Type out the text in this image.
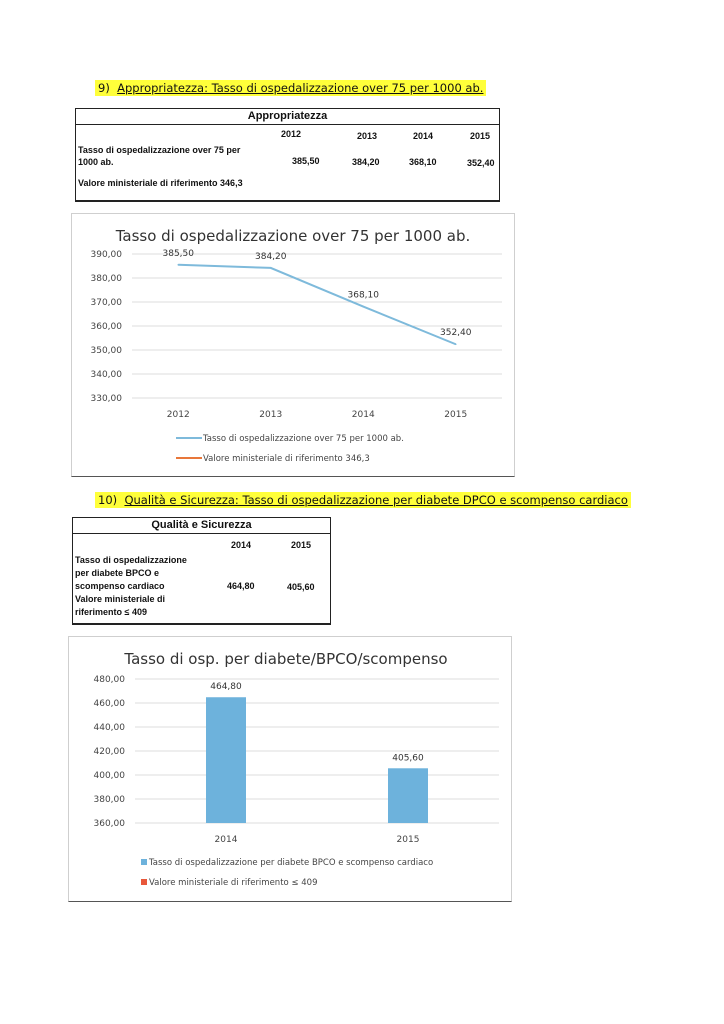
9) Appropriatezza: Tasso di ospedalizzazione over 75 per 1000 ab.
Appropriatezza
2012	2013	2014	2015
Tasso di ospedalizzazione over 75 per
1000 ab.	385,50	384,20	368,10	352,40
Valore ministeriale di riferimento 346,3
Tasso di ospedalizzazione over 75 per 1000 ab.
390,00
380,00
370,00
360,00
350,00
340,00
330,00
2012	2013	2014	2015
385,50	384,20
368,10
352,40
Tasso di ospedalizzazione over 75 per 1000 ab.
Valore ministeriale di riferimento 346,3
10) Qualità e Sicurezza: Tasso di ospedalizzazione per diabete DPCO e scompenso cardiaco
Qualità e Sicurezza
2014	2015
Tasso di ospedalizzazione
per diabete BPCO e
scompenso cardiaco	464,80	405,60
Valore ministeriale di
riferimento ≤ 409
Tasso di osp. per diabete/BPCO/scompenso
480,00
460,00
440,00
420,00
400,00
380,00
360,00
464,80
2014
405,60
2015
Tasso di ospedalizzazione per diabete BPCO e scompenso cardiaco
Valore ministeriale di riferimento ≤ 409
